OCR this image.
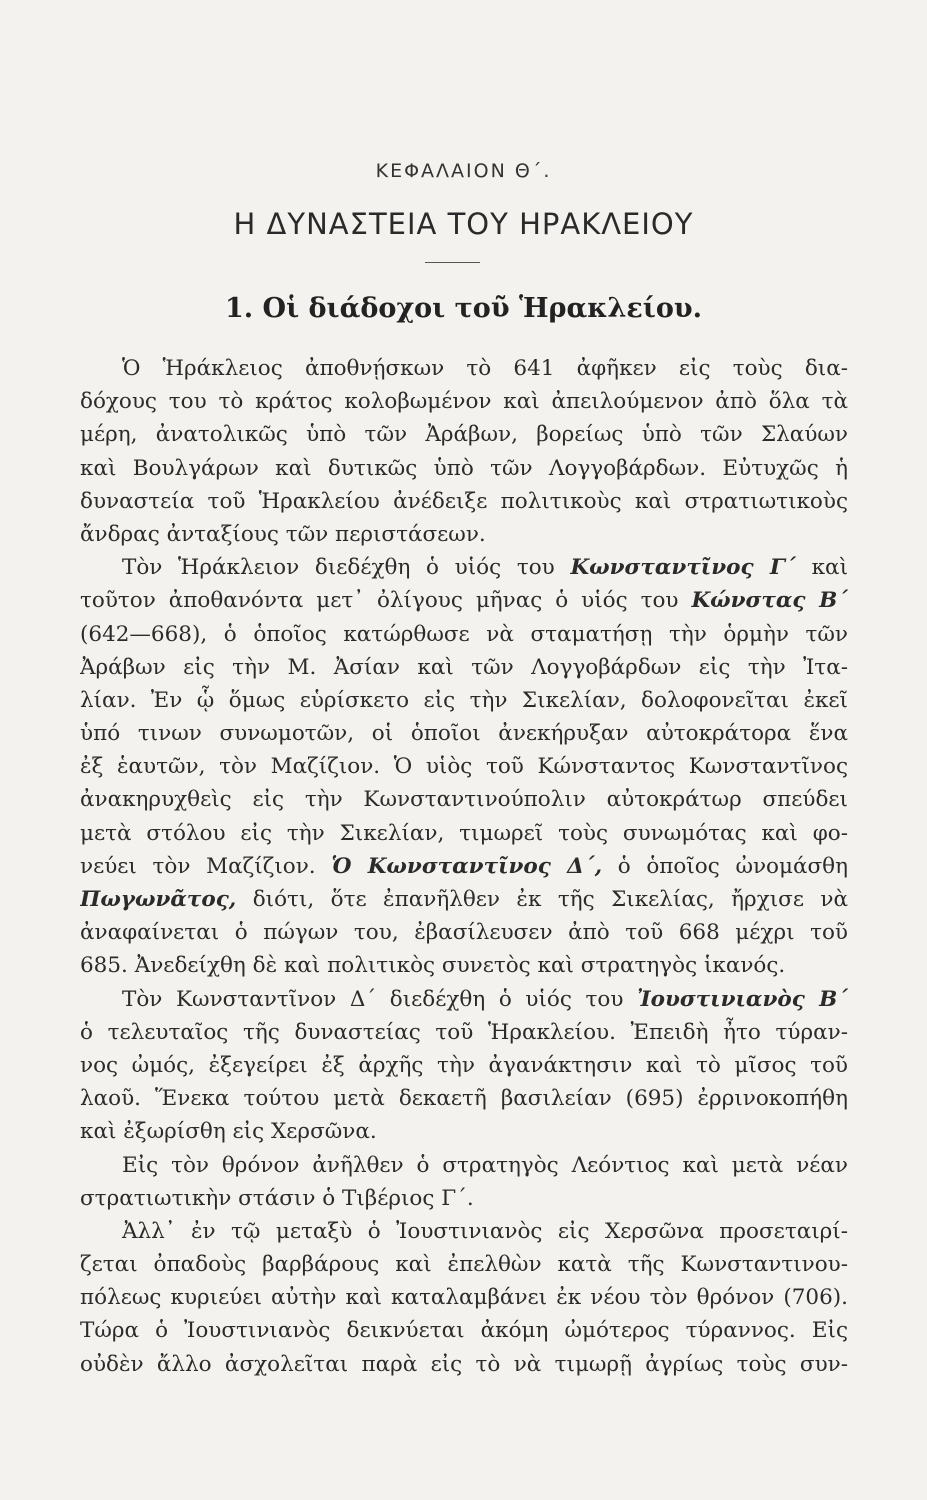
ΚΕΦΑΛΑΙΟΝ Θ΄.
Η ΔΥΝΑΣΤΕΙΑ ΤΟΥ ΗΡΑΚΛΕΙΟΥ
1. Οἱ διάδοχοι τοῦ Ἡρακλείου.
Ὁ Ἡράκλειος ἀποθνῄσκων τὸ 641 ἀφῆκεν εἰς τοὺς δια-
δόχους του τὸ κράτος κολοβωμένον καὶ ἀπειλούμενον ἀπὸ ὅλα τὰ
μέρη, ἀνατολικῶς ὑπὸ τῶν Ἀράβων, βορείως ὑπὸ τῶν Σλαύων
καὶ Βουλγάρων καὶ δυτικῶς ὑπὸ τῶν Λογγοβάρδων. Εὐτυχῶς ἡ
δυναστεία τοῦ Ἡρακλείου ἀνέδειξε πολιτικοὺς καὶ στρατιωτικοὺς
ἄνδρας ἀνταξίους τῶν περιστάσεων.
Τὸν Ἡράκλειον διεδέχθη ὁ υἱός του Κωνσταντῖνος Γ΄ καὶ
τοῦτον ἀποθανόντα μετ᾽ ὀλίγους μῆνας ὁ υἱός του Κώνστας Β΄
(642—668), ὁ ὁποῖος κατώρθωσε νὰ σταματήσῃ τὴν ὁρμὴν τῶν
Ἀράβων εἰς τὴν Μ. Ἀσίαν καὶ τῶν Λογγοβάρδων εἰς τὴν Ἰτα-
λίαν. Ἐν ᾧ ὅμως εὑρίσκετο εἰς τὴν Σικελίαν, δολοφονεῖται ἐκεῖ
ὑπό τινων συνωμοτῶν, οἱ ὁποῖοι ἀνεκήρυξαν αὐτοκράτορα ἕνα
ἐξ ἑαυτῶν, τὸν Μαζίζιον. Ὁ υἱὸς τοῦ Κώνσταντος Κωνσταντῖνος
ἀνακηρυχθεὶς εἰς τὴν Κωνσταντινούπολιν αὐτοκράτωρ σπεύδει
μετὰ στόλου εἰς τὴν Σικελίαν, τιμωρεῖ τοὺς συνωμότας καὶ φο-
νεύει τὸν Μαζίζιον. Ὁ Κωνσταντῖνος Δ΄, ὁ ὁποῖος ὠνομάσθη
Πωγωνᾶτος, διότι, ὅτε ἐπανῆλθεν ἐκ τῆς Σικελίας, ἤρχισε νὰ
ἀναφαίνεται ὁ πώγων του, ἐβασίλευσεν ἀπὸ τοῦ 668 μέχρι τοῦ
685. Ἀνεδείχθη δὲ καὶ πολιτικὸς συνετὸς καὶ στρατηγὸς ἱκανός.
Τὸν Κωνσταντῖνον Δ΄ διεδέχθη ὁ υἱός του Ἰουστινιανὸς Β΄
ὁ τελευταῖος τῆς δυναστείας τοῦ Ἡρακλείου. Ἐπειδὴ ἦτο τύραν-
νος ὠμός, ἐξεγείρει ἐξ ἀρχῆς τὴν ἀγανάκτησιν καὶ τὸ μῖσος τοῦ
λαοῦ. Ἕνεκα τούτου μετὰ δεκαετῆ βασιλείαν (695) ἐρρινοκοπήθη
καὶ ἐξωρίσθη εἰς Χερσῶνα.
Εἰς τὸν θρόνον ἀνῆλθεν ὁ στρατηγὸς Λεόντιος καὶ μετὰ νέαν
στρατιωτικὴν στάσιν ὁ Τιβέριος Γ΄.
Ἀλλ᾽ ἐν τῷ μεταξὺ ὁ Ἰουστινιανὸς εἰς Χερσῶνα προσεταιρί-
ζεται ὀπαδοὺς βαρβάρους καὶ ἐπελθὼν κατὰ τῆς Κωνσταντινου-
πόλεως κυριεύει αὐτὴν καὶ καταλαμβάνει ἐκ νέου τὸν θρόνον (706).
Τώρα ὁ Ἰουστινιανὸς δεικνύεται ἀκόμη ὠμότερος τύραννος. Εἰς
οὐδὲν ἄλλο ἀσχολεῖται παρὰ εἰς τὸ νὰ τιμωρῇ ἀγρίως τοὺς συν-
